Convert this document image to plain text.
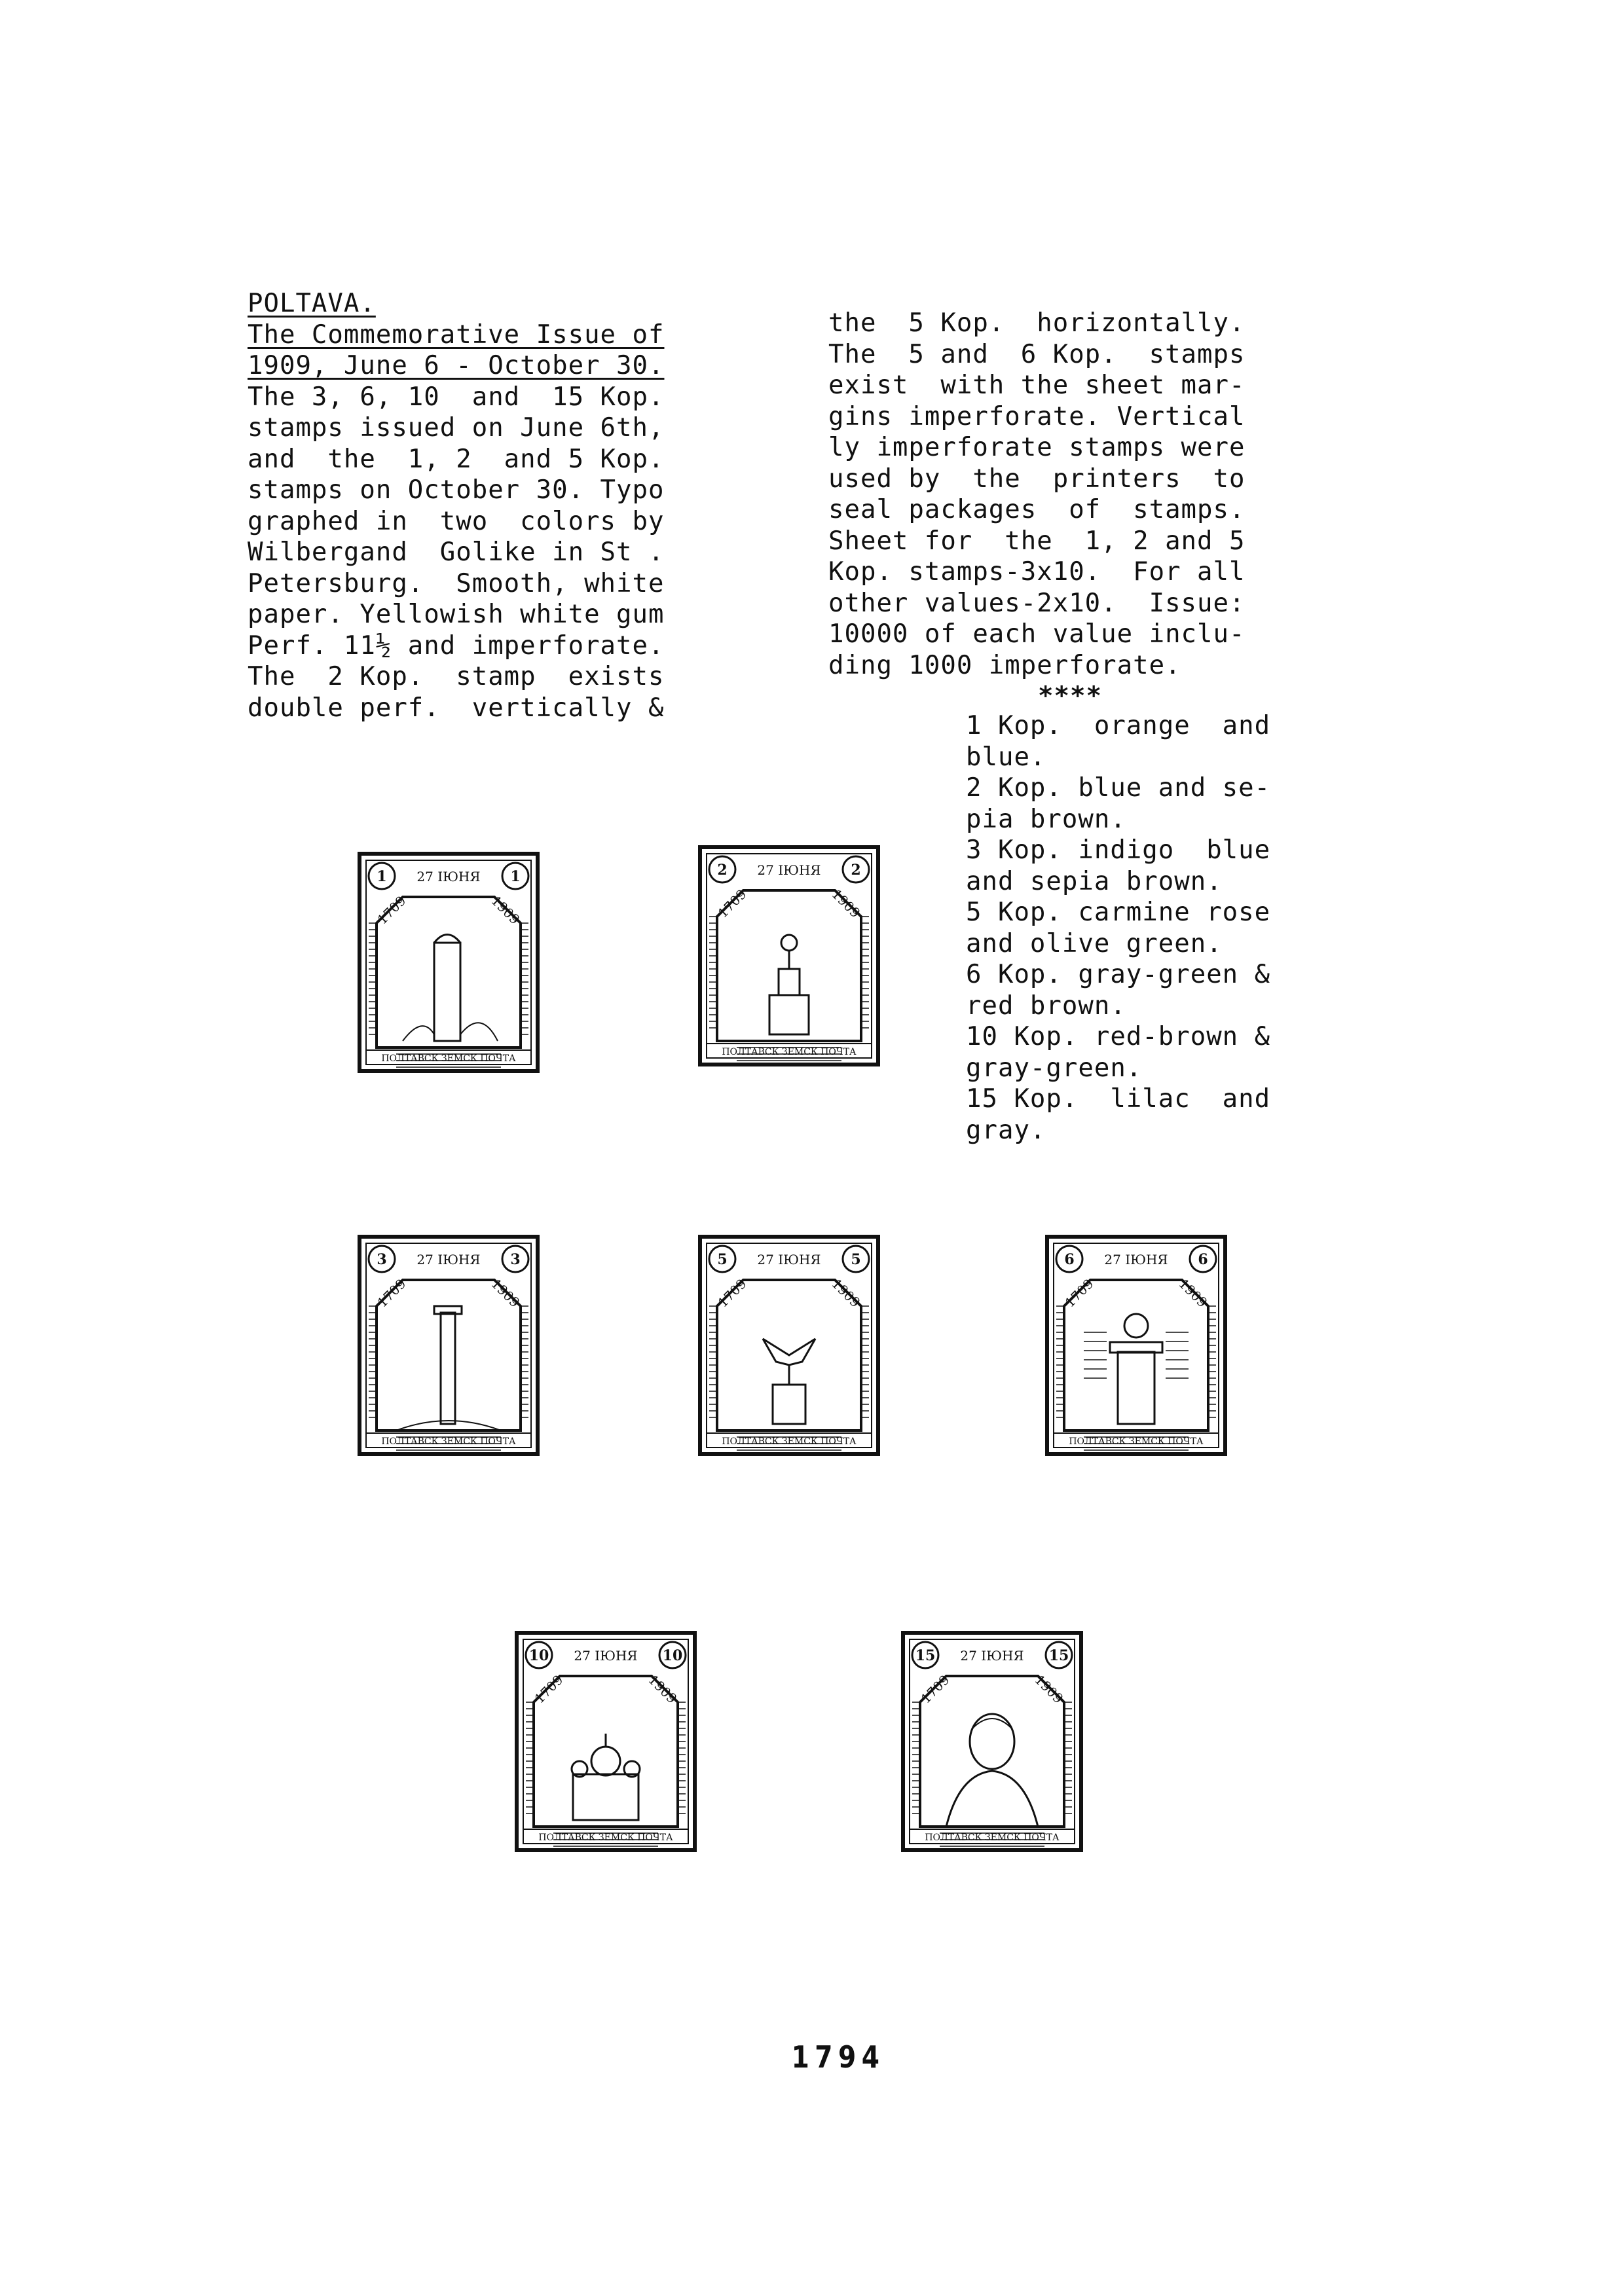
POLTAVA.

The Commemorative Issue of

1909, June 6 - October 30.

The 3, 6, 10  and  15 Kop.

stamps issued on June 6th,

and  the  1, 2  and 5 Kop.

stamps on October 30. Typo

graphed in  two  colors by

Wilbergand  Golike in St .

Petersburg.  Smooth, white

paper. Yellowish white gum

Perf. 11½ and imperforate.

The  2 Kop.  stamp  exists

double perf.  vertically &

the  5 Kop.  horizontally.

The  5 and  6 Kop.  stamps

exist  with the sheet mar-

gins imperforate. Vertical

ly imperforate stamps were

used by  the  printers  to

seal packages  of  stamps.

Sheet for  the  1, 2 and 5

Kop. stamps-3x10.  For all

other values-2x10.  Issue:

10000 of each value inclu-

ding 1000 imperforate.

****

1 Kop.  orange  and

blue.

2 Kop. blue and se-

pia brown.

3 Kop. indigo  blue

and sepia brown.

5 Kop. carmine rose

and olive green.

6 Kop. gray-green &

red brown.

10 Kop. red-brown &

gray-green.

15 Kop.  lilac  and

gray.

1	1
27 ІЮНЯ
1709	1909
ПОЛТАВСК ЗЕМСК ПОЧТА
2	2
27 ІЮНЯ
1709	1909
ПОЛТАВСК ЗЕМСК ПОЧТА
3	3
27 ІЮНЯ
1709	1909
ПОЛТАВСК ЗЕМСК ПОЧТА
5	5
27 ІЮНЯ
1709	1909
ПОЛТАВСК ЗЕМСК ПОЧТА
6	6
27 ІЮНЯ
1709	1909
ПОЛТАВСК ЗЕМСК ПОЧТА
10	10
27 ІЮНЯ
1709	1909
ПОЛТАВСК ЗЕМСК ПОЧТА
15	15
27 ІЮНЯ
1709	1909
ПОЛТАВСК ЗЕМСК ПОЧТА
1794
